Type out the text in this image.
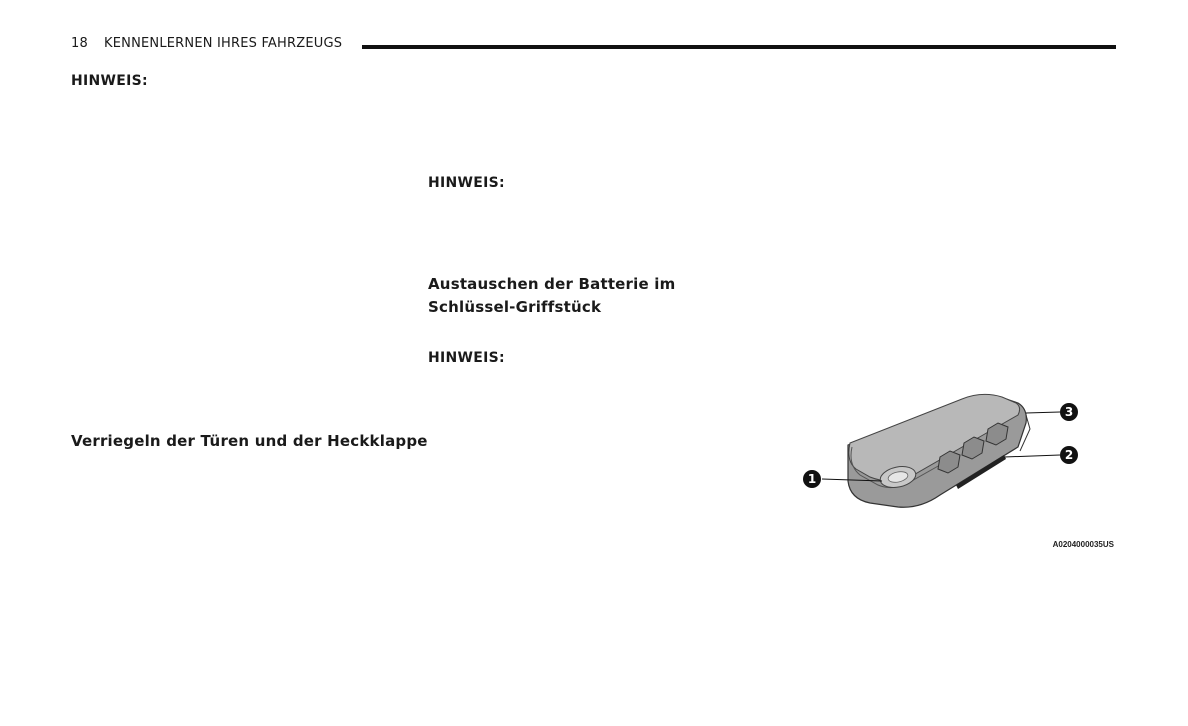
18 KENNENLERNEN IHRES FAHRZEUGS
HINWEIS:
HINWEIS:
Austauschen der Batterie im
Schlüssel-Griffstück
HINWEIS:
Verriegeln der Türen und der Heckklappe
1
2
3
A0204000035US
